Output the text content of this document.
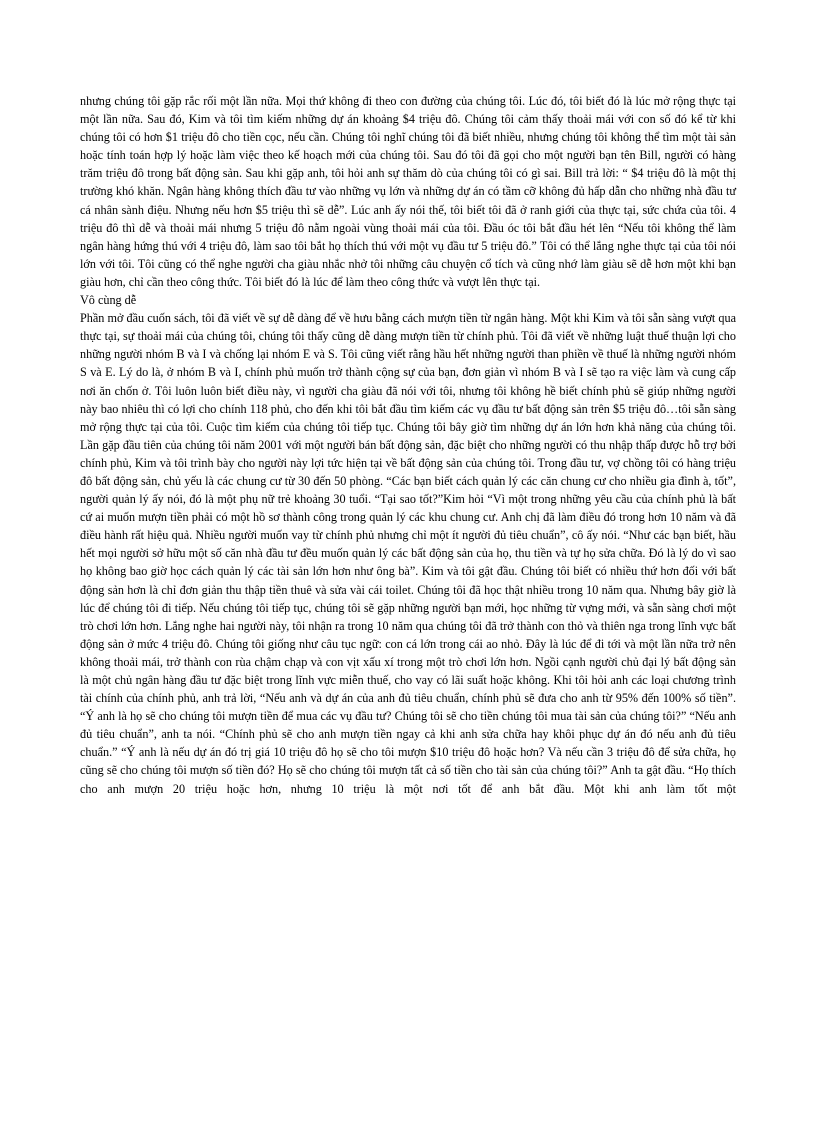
nhưng chúng tôi gặp rắc rối một lần nữa. Mọi thứ không đi theo con đường của chúng tôi. Lúc đó, tôi biết đó là lúc mở rộng thực tại một lần nữa. Sau đó, Kim và tôi tìm kiếm những dự án khoảng $4 triệu đô. Chúng tôi cảm thấy thoải mái với con số đó kể từ khi chúng tôi có hơn $1 triệu đô cho tiền cọc, nếu cần. Chúng tôi nghĩ chúng tôi đã biết nhiều, nhưng chúng tôi không thể tìm một tài sản hoặc tính toán hợp lý hoặc làm việc theo kế hoạch mới của chúng tôi. Sau đó tôi đã gọi cho một người bạn tên Bill, người có hàng trăm triệu đô trong bất động sản. Sau khi gặp anh, tôi hỏi anh sự thăm dò của chúng tôi có gì sai. Bill trả lời: “ $4 triệu đô là một thị trường khó khăn. Ngân hàng không thích đầu tư vào những vụ lớn và những dự án có tầm cỡ không đủ hấp dẫn cho những nhà đầu tư cá nhân sành điệu. Nhưng nếu hơn $5 triệu thì sẽ dễ”. Lúc anh ấy nói thế, tôi biết tôi đã ở ranh giới của thực tại, sức chứa của tôi. 4 triệu đô thì dễ và thoải mái nhưng 5 triệu đô nằm ngoài vùng thoải mái của tôi. Đầu óc tôi bắt đầu hét lên “Nếu tôi không thể làm ngân hàng hứng thú với 4 triệu đô, làm sao tôi bắt họ thích thú với một vụ đầu tư 5 triệu đô.” Tôi có thể lắng nghe thực tại của tôi nói lớn với tôi. Tôi cũng có thể nghe người cha giàu nhắc nhở tôi những câu chuyện cổ tích và cũng nhớ làm giàu sẽ dễ hơn một khi bạn giàu hơn, chỉ cần theo công thức. Tôi biết đó là lúc để làm theo công thức và vượt lên thực tại.

Vô cùng dễ

Phần mở đầu cuốn sách, tôi đã viết về sự dễ dàng để về hưu bằng cách mượn tiền từ ngân hàng. Một khi Kim và tôi sẵn sàng vượt qua thực tại, sự thoải mái của chúng tôi, chúng tôi thấy cũng dễ dàng mượn tiền từ chính phủ. Tôi đã viết về những luật thuế thuận lợi cho những người nhóm B và I và chống lại nhóm E và S. Tôi cũng viết rằng hầu hết những người than phiền về thuế là những người nhóm S và E. Lý do là, ở nhóm B và I, chính phủ muốn trở thành cộng sự của bạn, đơn giản vì nhóm B và I sẽ tạo ra việc làm và cung cấp nơi ăn chốn ở. Tôi luôn luôn biết điều này, vì người cha giàu đã nói với tôi, nhưng tôi không hề biết chính phủ sẽ giúp những người này bao nhiêu thì có lợi cho chính 118 phủ, cho đến khi tôi bắt đầu tìm kiếm các vụ đầu tư bất động sản trên $5 triệu đô…tôi sẵn sàng mở rộng thực tại của tôi. Cuộc tìm kiếm của chúng tôi tiếp tục. Chúng tôi bây giờ tìm những dự án lớn hơn khả năng của chúng tôi. Lần gặp đầu tiên của chúng tôi năm 2001 với một người bán bất động sản, đặc biệt cho những người có thu nhập thấp được hỗ trợ bởi chính phủ, Kim và tôi trình bày cho người này lợi tức hiện tại về bất động sản của chúng tôi. Trong đầu tư, vợ chồng tôi có hàng triệu đô bất động sản, chủ yếu là các chung cư từ 30 đến 50 phòng. “Các bạn biết cách quản lý các căn chung cư cho nhiều gia đình à, tốt”, người quản lý ấy nói, đó là một phụ nữ trẻ khoảng 30 tuổi. “Tại sao tốt?”Kim hỏi “Vì một trong những yêu cầu của chính phủ là bất cứ ai muốn mượn tiền phải có một hồ sơ thành công trong quản lý các khu chung cư. Anh chị đã làm điều đó trong hơn 10 năm và đã điều hành rất hiệu quả. Nhiều người muốn vay từ chính phủ nhưng chỉ một ít người đủ tiêu chuẩn”, cô ấy nói. “Như các bạn biết, hầu hết mọi người sở hữu một số căn nhà đầu tư đều muốn quản lý các bất động sản của họ, thu tiền và tự họ sửa chữa. Đó là lý do vì sao họ không bao giờ học cách quản lý các tài sản lớn hơn như ông bà”. Kim và tôi gật đầu. Chúng tôi biết có nhiều thứ hơn đối với bất động sản hơn là chỉ đơn giản thu thập tiền thuê và sửa vài cái toilet. Chúng tôi đã học thật nhiều trong 10 năm qua. Nhưng bây giờ là lúc để chúng tôi đi tiếp. Nếu chúng tôi tiếp tục, chúng tôi sẽ gặp những người bạn mới, học những từ vựng mới, và sẵn sàng chơi một trò chơi lớn hơn. Lắng nghe hai người này, tôi nhận ra trong 10 năm qua chúng tôi đã trở thành con thỏ và thiên nga trong lĩnh vực bất động sản ở mức 4 triệu đô. Chúng tôi giống như câu tục ngữ: con cá lớn trong cái ao nhỏ. Đây là lúc để đi tới và một lần nữa trở nên không thoải mái, trở thành con rùa chậm chạp và con vịt xấu xí trong một trò chơi lớn hơn. Ngồi cạnh người chủ đại lý bất động sản là một chủ ngân hàng đầu tư đặc biệt trong lĩnh vực miễn thuế, cho vay có lãi suất hoặc không. Khi tôi hỏi anh các loại chương trình tài chính của chính phủ, anh trả lời, “Nếu anh và dự án của anh đủ tiêu chuẩn, chính phủ sẽ đưa cho anh từ 95% đến 100% số tiền”. “Ý anh là họ sẽ cho chúng tôi mượn tiền để mua các vụ đầu tư? Chúng tôi sẽ cho tiền chúng tôi mua tài sản của chúng tôi?” “Nếu anh đủ tiêu chuẩn”, anh ta nói. “Chính phủ sẽ cho anh mượn tiền ngay cả khi anh sửa chữa hay khôi phục dự án đó nếu anh đủ tiêu chuẩn.” “Ý anh là nếu dự án đó trị giá 10 triệu đô họ sẽ cho tôi mượn $10 triệu đô hoặc hơn? Và nếu cần 3 triệu đô để sửa chữa, họ cũng sẽ cho chúng tôi mượn số tiền đó? Họ sẽ cho chúng tôi mượn tất cả số tiền cho tài sản của chúng tôi?” Anh ta gật đầu. “Họ thích cho anh mượn 20 triệu hoặc hơn, nhưng 10 triệu là một nơi tốt để anh bắt đầu. Một khi anh làm tốt một
